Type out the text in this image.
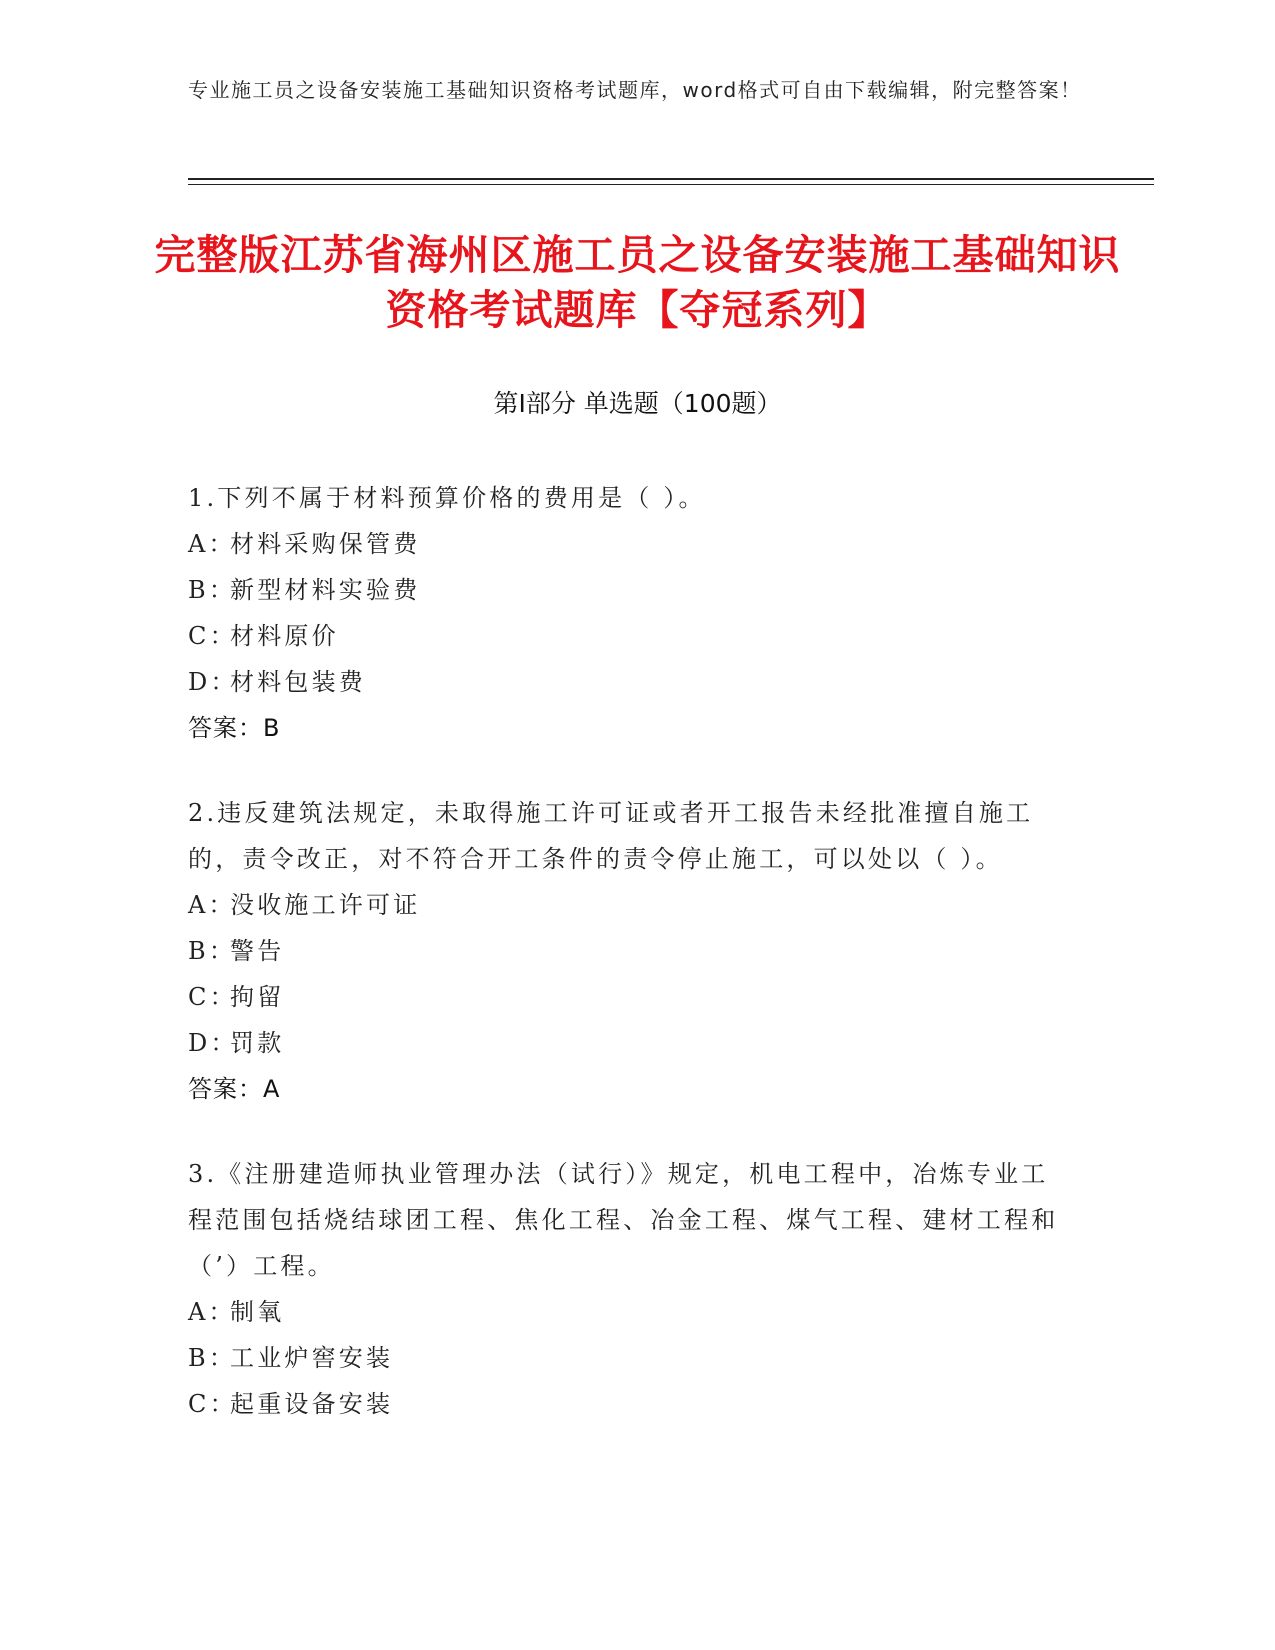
专业施工员之设备安装施工基础知识资格考试题库，word格式可自由下载编辑，附完整答案！
完整版江苏省海州区施工员之设备安装施工基础知识资格考试题库【夺冠系列】
第I部分 单选题（100题）
1.下列不属于材料预算价格的费用是（ ）。
A：材料采购保管费
B：新型材料实验费
C：材料原价
D：材料包装费
答案：B
2.违反建筑法规定，未取得施工许可证或者开工报告未经批准擅自施工的，责令改正，对不符合开工条件的责令停止施工，可以处以（ ）。
A：没收施工许可证
B：警告
C：拘留
D：罚款
答案：A
3.《注册建造师执业管理办法（试行）》规定，机电工程中，冶炼专业工程范围包括烧结球团工程、焦化工程、冶金工程、煤气工程、建材工程和（’）工程。
A：制氧
B：工业炉窖安装
C：起重设备安装
